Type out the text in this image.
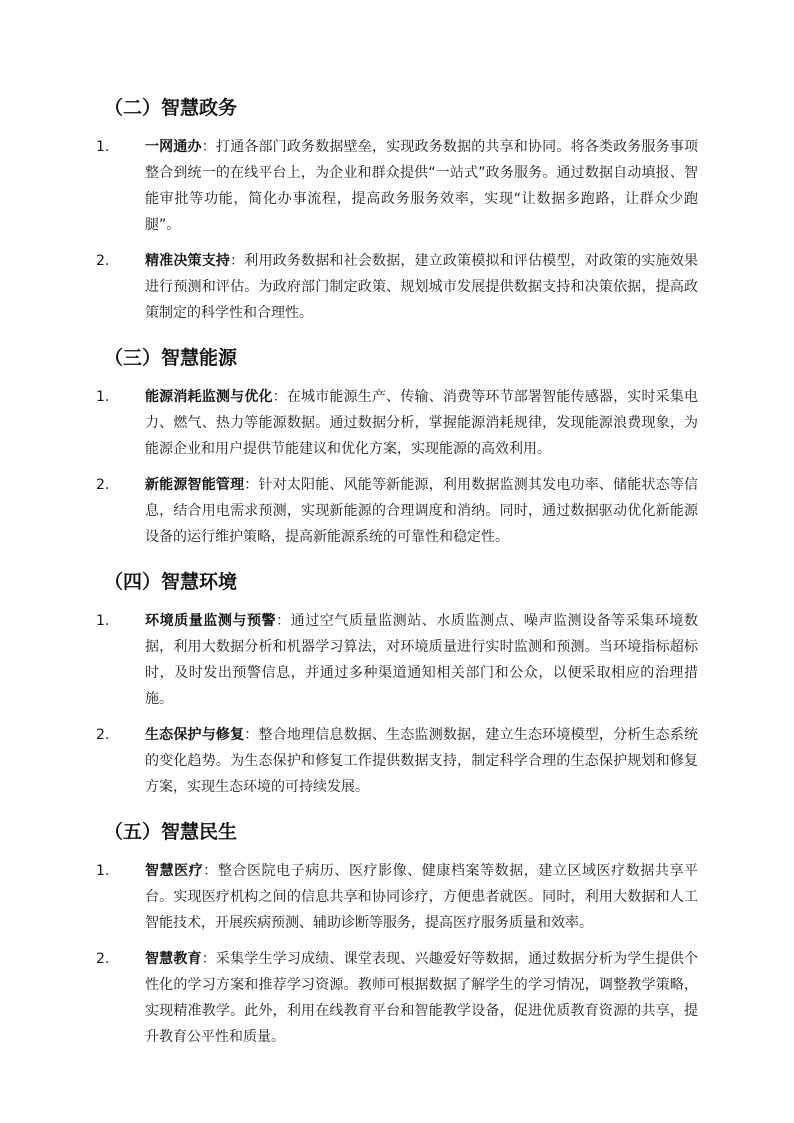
（二）智慧政务
1.	一网通办：打通各部门政务数据壁垒，实现政务数据的共享和协同。将各类政务服务事项整合到统一的在线平台上，为企业和群众提供“一站式”政务服务。通过数据自动填报、智能审批等功能，简化办事流程，提高政务服务效率，实现“让数据多跑路，让群众少跑腿”。
2.	精准决策支持：利用政务数据和社会数据，建立政策模拟和评估模型，对政策的实施效果进行预测和评估。为政府部门制定政策、规划城市发展提供数据支持和决策依据，提高政策制定的科学性和合理性。
（三）智慧能源
1.	能源消耗监测与优化：在城市能源生产、传输、消费等环节部署智能传感器，实时采集电力、燃气、热力等能源数据。通过数据分析，掌握能源消耗规律，发现能源浪费现象，为能源企业和用户提供节能建议和优化方案，实现能源的高效利用。
2.	新能源智能管理：针对太阳能、风能等新能源，利用数据监测其发电功率、储能状态等信息，结合用电需求预测，实现新能源的合理调度和消纳。同时，通过数据驱动优化新能源设备的运行维护策略，提高新能源系统的可靠性和稳定性。
（四）智慧环境
1.	环境质量监测与预警：通过空气质量监测站、水质监测点、噪声监测设备等采集环境数据，利用大数据分析和机器学习算法，对环境质量进行实时监测和预测。当环境指标超标时，及时发出预警信息，并通过多种渠道通知相关部门和公众，以便采取相应的治理措施。
2.	生态保护与修复：整合地理信息数据、生态监测数据，建立生态环境模型，分析生态系统的变化趋势。为生态保护和修复工作提供数据支持，制定科学合理的生态保护规划和修复方案，实现生态环境的可持续发展。
（五）智慧民生
1.	智慧医疗：整合医院电子病历、医疗影像、健康档案等数据，建立区域医疗数据共享平台。实现医疗机构之间的信息共享和协同诊疗，方便患者就医。同时，利用大数据和人工智能技术，开展疾病预测、辅助诊断等服务，提高医疗服务质量和效率。
2.	智慧教育：采集学生学习成绩、课堂表现、兴趣爱好等数据，通过数据分析为学生提供个性化的学习方案和推荐学习资源。教师可根据数据了解学生的学习情况，调整教学策略，实现精准教学。此外，利用在线教育平台和智能教学设备，促进优质教育资源的共享，提升教育公平性和质量。
